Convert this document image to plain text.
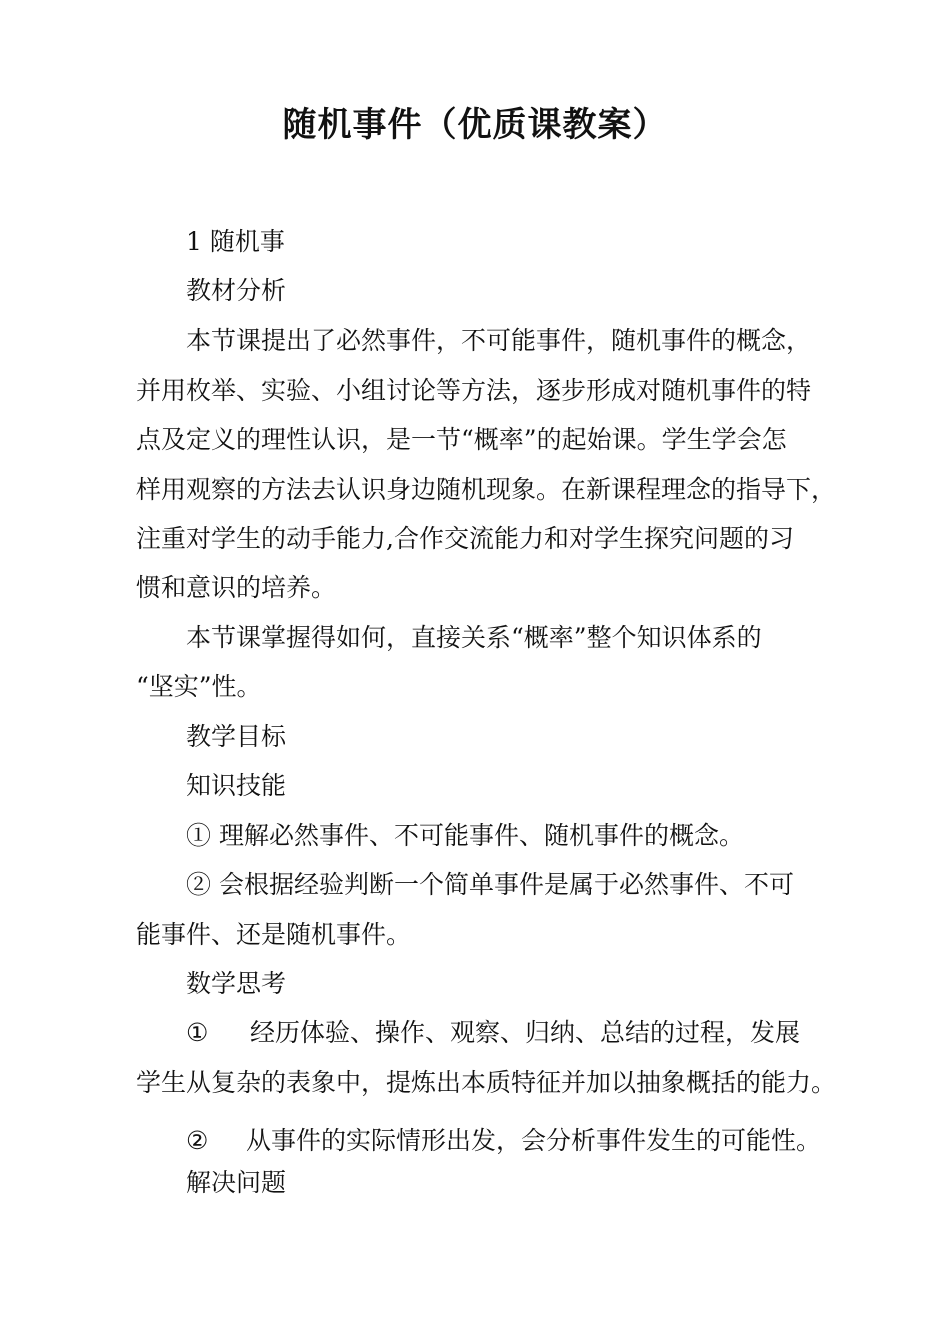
随机事件（优质课教案）
1 随机事
教材分析
本节课提出了必然事件，不可能事件，随机事件的概念，
并用枚举、实验、小组讨论等方法，逐步形成对随机事件的特
点及定义的理性认识，是一节“概率”的起始课。学生学会怎
样用观察的方法去认识身边随机现象。在新课程理念的指导下，
注重对学生的动手能力,合作交流能力和对学生探究问题的习
惯和意识的培养。
本节课掌握得如何，直接关系“概率”整个知识体系的
“坚实”性。
教学目标
知识技能
① 理解必然事件、不可能事件、随机事件的概念。
② 会根据经验判断一个简单事件是属于必然事件、不可
能事件、还是随机事件。
数学思考
① 经历体验、操作、观察、归纳、总结的过程，发展
学生从复杂的表象中，提炼出本质特征并加以抽象概括的能力。
② 从事件的实际情形出发，会分析事件发生的可能性。
解决问题
